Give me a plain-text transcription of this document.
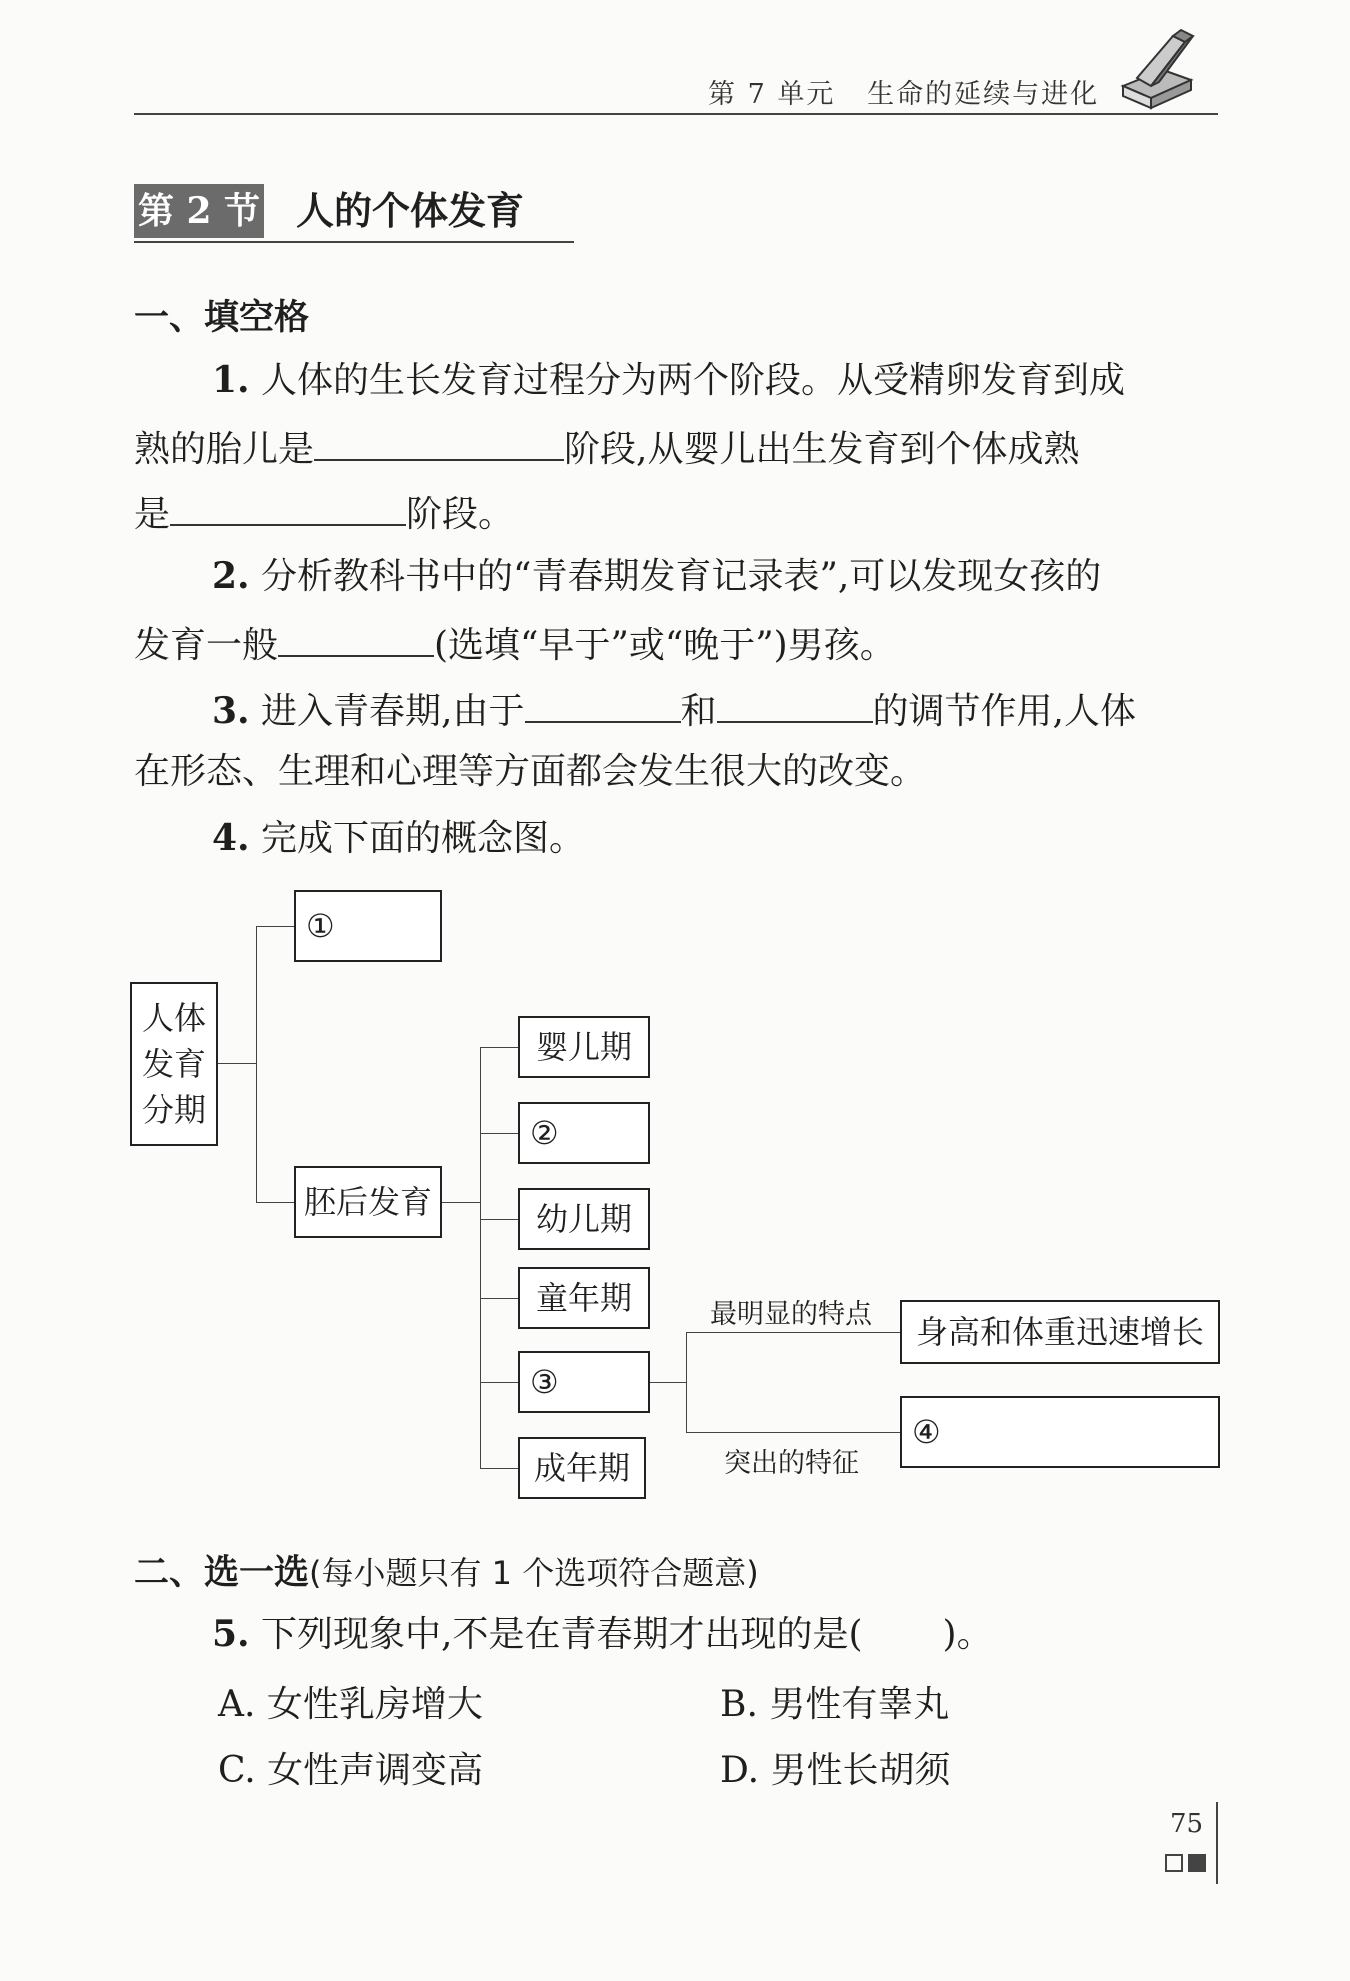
第 7 单元 生命的延续与进化
第 2 节 人的个体发育
一、填空格
1. 人体的生长发育过程分为两个阶段。从受精卵发育到成
熟的胎儿是	阶段,从婴儿出生发育到个体成熟
是	阶段。
2. 分析教科书中的“青春期发育记录表”,可以发现女孩的
发育一般	(选填“早于”或“晚于”)男孩。
3. 进入青春期,由于	和	的调节作用,人体
在形态、生理和心理等方面都会发生很大的改变。
4. 完成下面的概念图。
人体
发育
分期
①
胚后发育
婴儿期
②
幼儿期
童年期
③
成年期
最明显的特点
突出的特征
身高和体重迅速增长
④
二、选一选(每小题只有 1 个选项符合题意)
5. 下列现象中,不是在青春期才出现的是( )。
A. 女性乳房增大	B. 男性有睾丸
C. 女性声调变高	D. 男性长胡须
75
